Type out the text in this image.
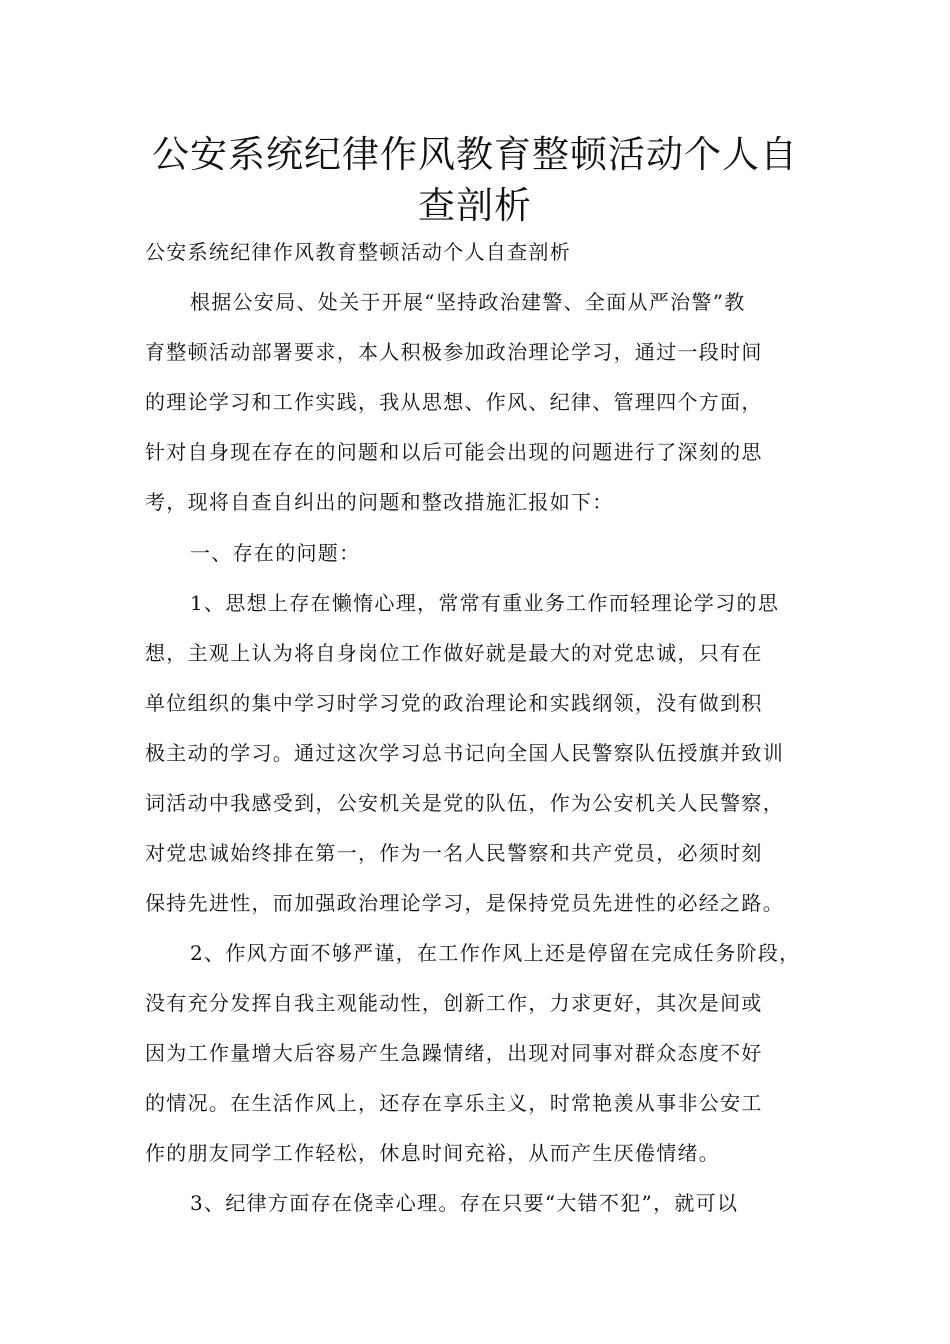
公安系统纪律作风教育整顿活动个人自
查剖析
公安系统纪律作风教育整顿活动个人自查剖析
根据公安局、处关于开展“坚持政治建警、全面从严治警”教
育整顿活动部署要求，本人积极参加政治理论学习，通过一段时间
的理论学习和工作实践，我从思想、作风、纪律、管理四个方面，
针对自身现在存在的问题和以后可能会出现的问题进行了深刻的思
考，现将自查自纠出的问题和整改措施汇报如下：
一、存在的问题：
1、思想上存在懒惰心理，常常有重业务工作而轻理论学习的思
想，主观上认为将自身岗位工作做好就是最大的对党忠诚，只有在
单位组织的集中学习时学习党的政治理论和实践纲领，没有做到积
极主动的学习。通过这次学习总书记向全国人民警察队伍授旗并致训
词活动中我感受到，公安机关是党的队伍，作为公安机关人民警察，
对党忠诚始终排在第一，作为一名人民警察和共产党员，必须时刻
保持先进性，而加强政治理论学习，是保持党员先进性的必经之路。
2、作风方面不够严谨，在工作作风上还是停留在完成任务阶段，
没有充分发挥自我主观能动性，创新工作，力求更好，其次是间或
因为工作量增大后容易产生急躁情绪，出现对同事对群众态度不好
的情况。在生活作风上，还存在享乐主义，时常艳羡从事非公安工
作的朋友同学工作轻松，休息时间充裕，从而产生厌倦情绪。
3、纪律方面存在侥幸心理。存在只要“大错不犯”，就可以
